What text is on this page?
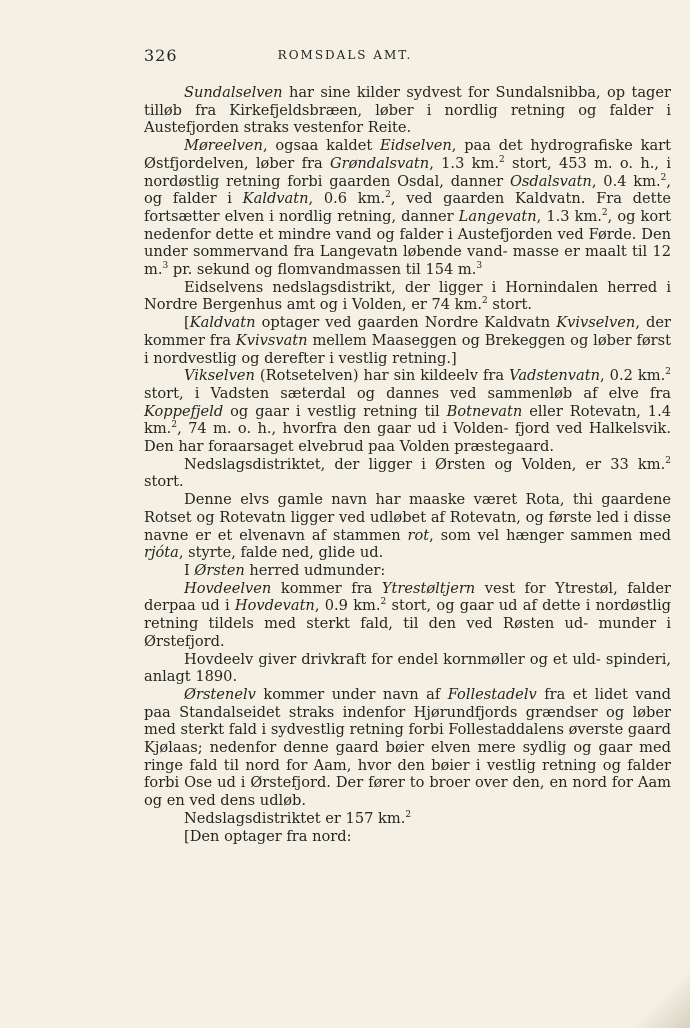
326	ROMSDALS AMT.

Sundalselven har sine kilder sydvest for Sundalsnibba, op tager tilløb fra Kirkefjeldsbræen, løber i nordlig retning og falder i Austefjorden straks vestenfor Reite.

Møreelven, ogsaa kaldet Eidselven, paa det hydrografiske kart Østfjordelven, løber fra Grøndalsvatn, 1.3 km.$^2$ stort, 453 m. o. h., i nordøstlig retning forbi gaarden Osdal, danner Osdalsvatn, 0.4 km.$^2$, og falder i Kaldvatn, 0.6 km.$^2$, ved gaarden Kaldvatn. Fra dette fortsætter elven i nordlig retning, danner Langevatn, 1.3 km.$^2$, og kort nedenfor dette et mindre vand og falder i Austefjorden ved Førde. Den under sommervand fra Langevatn løbende vand- masse er maalt til 12 m.$^3$ pr. sekund og flomvandmassen til 154 m.$^3$

Eidselvens nedslagsdistrikt, der ligger i Hornindalen herred i Nordre Bergenhus amt og i Volden, er 74 km.$^2$ stort.

[Kaldvatn optager ved gaarden Nordre Kaldvatn Kvivselven, der kommer fra Kvivsvatn mellem Maaseggen og Brekeggen og løber først i nordvestlig og derefter i vestlig retning.]

Vikselven (Rotsetelven) har sin kildeelv fra Vadstenvatn, 0.2 km.$^2$ stort, i Vadsten sæterdal og dannes ved sammenløb af elve fra Koppefjeld og gaar i vestlig retning til Botnevatn eller Rotevatn, 1.4 km.$^2$, 74 m. o. h., hvorfra den gaar ud i Volden- fjord ved Halkelsvik. Den har foraarsaget elvebrud paa Volden præstegaard.

Nedslagsdistriktet, der ligger i Ørsten og Volden, er 33 km.$^2$ stort.

Denne elvs gamle navn har maaske været Rota, thi gaardene Rotset og Rotevatn ligger ved udløbet af Rotevatn, og første led i disse navne er et elvenavn af stammen rot, som vel hænger sammen med rjóta, styrte, falde ned, glide ud.

I Ørsten herred udmunder:

Hovdeelven kommer fra Ytrestøltjern vest for Ytrestøl, falder derpaa ud i Hovdevatn, 0.9 km.$^2$ stort, og gaar ud af dette i nordøstlig retning tildels med sterkt fald, til den ved Røsten ud- munder i Ørstefjord.

Hovdeelv giver drivkraft for endel kornmøller og et uld- spinderi, anlagt 1890.

Ørstenelv kommer under navn af Follestadelv fra et lidet vand paa Standalseidet straks indenfor Hjørundfjords grændser og løber med sterkt fald i sydvestlig retning forbi Follestaddalens øverste gaard Kjølaas; nedenfor denne gaard bøier elven mere sydlig og gaar med ringe fald til nord for Aam, hvor den bøier i vestlig retning og falder forbi Ose ud i Ørstefjord. Der fører to broer over den, en nord for Aam og en ved dens udløb.

Nedslagsdistriktet er 157 km.$^2$

[Den optager fra nord:
